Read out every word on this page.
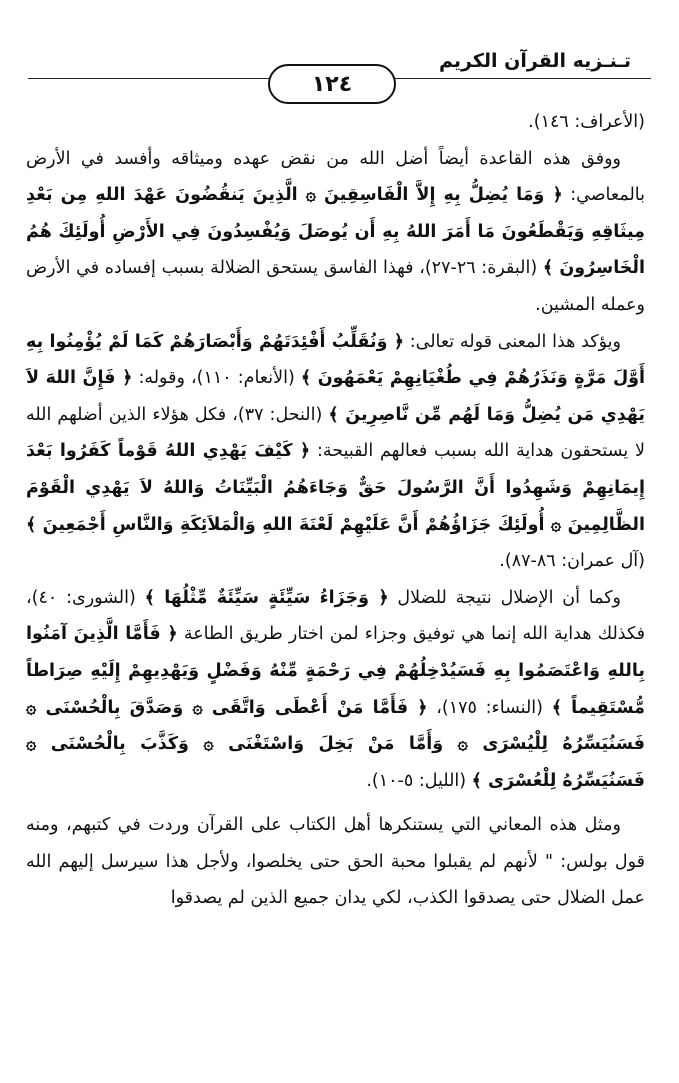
تـنـزيه القرآن الكريم
١٢٤

(الأعراف: ١٤٦).

ووفق هذه القاعدة أيضاً أضل الله من نقض عهده وميثاقه وأفسد في الأرض بالمعاصي: ﴿ وَمَا يُضِلُّ بِهِ إِلاَّ الْفَاسِقِينَ ۞ الَّذِينَ يَنقُضُونَ عَهْدَ اللهِ مِن بَعْدِ مِيثَاقِهِ وَيَقْطَعُونَ مَا أَمَرَ اللهُ بِهِ أَن يُوصَلَ وَيُفْسِدُونَ فِي الأَرْضِ أُولَئِكَ هُمُ الْخَاسِرُونَ ﴾ (البقرة: ٢٦-٢٧)، فهذا الفاسق يستحق الضلالة بسبب إفساده في الأرض وعمله المشين.

ويؤكد هذا المعنى قوله تعالى: ﴿ وَنُقَلِّبُ أَفْئِدَتَهُمْ وَأَبْصَارَهُمْ كَمَا لَمْ يُؤْمِنُوا بِهِ أَوَّلَ مَرَّةٍ وَنَذَرُهُمْ فِي طُغْيَانِهِمْ يَعْمَهُونَ ﴾ (الأنعام: ١١٠)، وقوله: ﴿ فَإِنَّ اللهَ لاَ يَهْدِي مَن يُضِلُّ وَمَا لَهُم مِّن نَّاصِرِينَ ﴾ (النحل: ٣٧)، فكل هؤلاء الذين أضلهم الله لا يستحقون هداية الله بسبب فعالهم القبيحة: ﴿ كَيْفَ يَهْدِي اللهُ قَوْماً كَفَرُوا بَعْدَ إِيمَانِهِمْ وَشَهِدُوا أَنَّ الرَّسُولَ حَقٌّ وَجَاءَهُمُ الْبَيِّنَاتُ وَاللهُ لاَ يَهْدِي الْقَوْمَ الظَّالِمِينَ ۞ أُولَئِكَ جَزَاؤُهُمْ أَنَّ عَلَيْهِمْ لَعْنَةَ اللهِ وَالْمَلاَئِكَةِ وَالنَّاسِ أَجْمَعِينَ ﴾ (آل عمران: ٨٦-٨٧).

وكما أن الإضلال نتيجة للضلال ﴿ وَجَزَاءُ سَيِّئَةٍ سَيِّئَةٌ مِّثْلُهَا ﴾ (الشورى: ٤٠)، فكذلك هداية الله إنما هي توفيق وجزاء لمن اختار طريق الطاعة ﴿ فَأَمَّا الَّذِينَ آمَنُوا بِاللهِ وَاعْتَصَمُوا بِهِ فَسَيُدْخِلُهُمْ فِي رَحْمَةٍ مِّنْهُ وَفَضْلٍ وَيَهْدِيهِمْ إِلَيْهِ صِرَاطاً مُّسْتَقِيماً ﴾ (النساء: ١٧٥)، ﴿ فَأَمَّا مَنْ أَعْطَى وَاتَّقَى ۞ وَصَدَّقَ بِالْحُسْنَى ۞ فَسَنُيَسِّرُهُ لِلْيُسْرَى ۞ وَأَمَّا مَنْ بَخِلَ وَاسْتَغْنَى ۞ وَكَذَّبَ بِالْحُسْنَى ۞ فَسَنُيَسِّرُهُ لِلْعُسْرَى ﴾ (الليل: ٥-١٠).

ومثل هذه المعاني التي يستنكرها أهل الكتاب على القرآن وردت في كتبهم، ومنه قول بولس: " لأنهم لم يقبلوا محبة الحق حتى يخلصوا، ولأجل هذا سيرسل إليهم الله عمل الضلال حتى يصدقوا الكذب، لكي يدان جميع الذين لم يصدقوا
